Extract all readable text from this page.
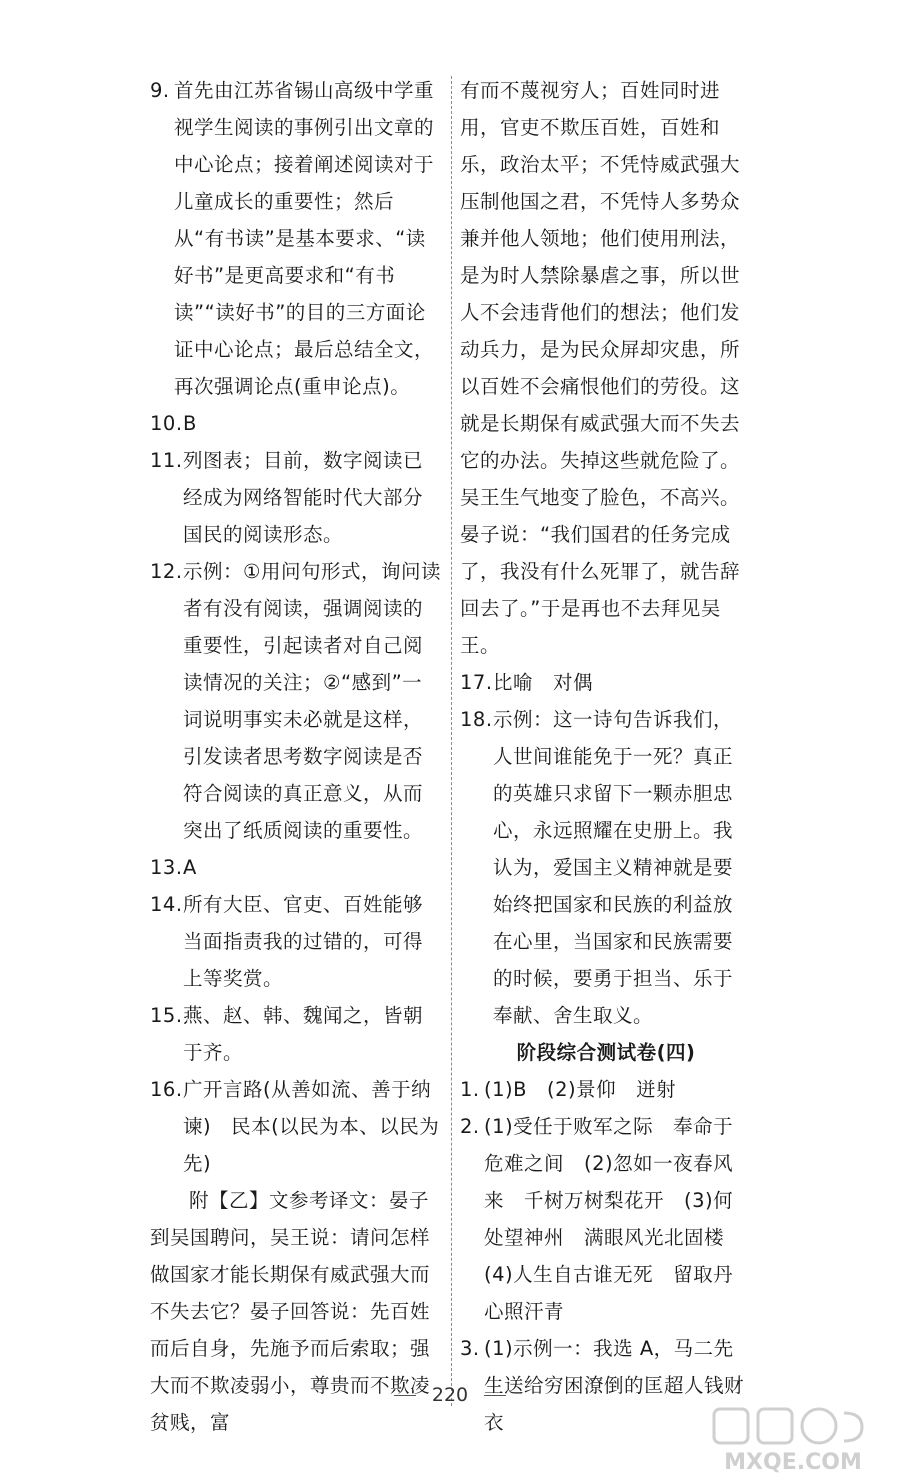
9. 首先由江苏省锡山高级中学重视学生阅读的事例引出文章的中心论点；接着阐述阅读对于儿童成长的重要性；然后从“有书读”是基本要求、“读好书”是更高要求和“有书读”“读好书”的目的三方面论证中心论点；最后总结全文，再次强调论点(重申论点)。
10. B
11. 列图表；目前，数字阅读已经成为网络智能时代大部分国民的阅读形态。
12. 示例：①用问句形式，询问读者有没有阅读，强调阅读的重要性，引起读者对自己阅读情况的关注；②“感到”一词说明事实未必就是这样，引发读者思考数字阅读是否符合阅读的真正意义，从而突出了纸质阅读的重要性。
13. A
14. 所有大臣、官吏、百姓能够当面指责我的过错的，可得上等奖赏。
15. 燕、赵、韩、魏闻之，皆朝于齐。
16. 广开言路(从善如流、善于纳谏)　民本(以民为本、以民为先)

附【乙】文参考译文：晏子到吴国聘问，吴王说：请问怎样做国家才能长期保有威武强大而不失去它？晏子回答说：先百姓而后自身，先施予而后索取；强大而不欺凌弱小，尊贵而不欺凌贫贱，富

有而不蔑视穷人；百姓同时进用，官吏不欺压百姓，百姓和乐，政治太平；不凭恃威武强大压制他国之君，不凭恃人多势众兼并他人领地；他们使用刑法，是为时人禁除暴虐之事，所以世人不会违背他们的想法；他们发动兵力，是为民众屏却灾患，所以百姓不会痛恨他们的劳役。这就是长期保有威武强大而不失去它的办法。失掉这些就危险了。吴王生气地变了脸色，不高兴。晏子说：“我们国君的任务完成了，我没有什么死罪了，就告辞回去了。”于是再也不去拜见吴王。

17. 比喻　对偶
18. 示例：这一诗句告诉我们，人世间谁能免于一死？真正的英雄只求留下一颗赤胆忠心，永远照耀在史册上。我认为，爱国主义精神就是要始终把国家和民族的利益放在心里，当国家和民族需要的时候，要勇于担当、乐于奉献、舍生取义。

阶段综合测试卷(四)

1. (1)B　(2)景仰　迸射
2. (1)受任于败军之际　奉命于危难之间　(2)忽如一夜春风来　千树万树梨花开　(3)何处望神州　满眼风光北固楼　(4)人生自古谁无死　留取丹心照汗青
3. (1)示例一：我选 A，马二先生送给穷困潦倒的匡超人钱财衣
220
MXQE.COM
